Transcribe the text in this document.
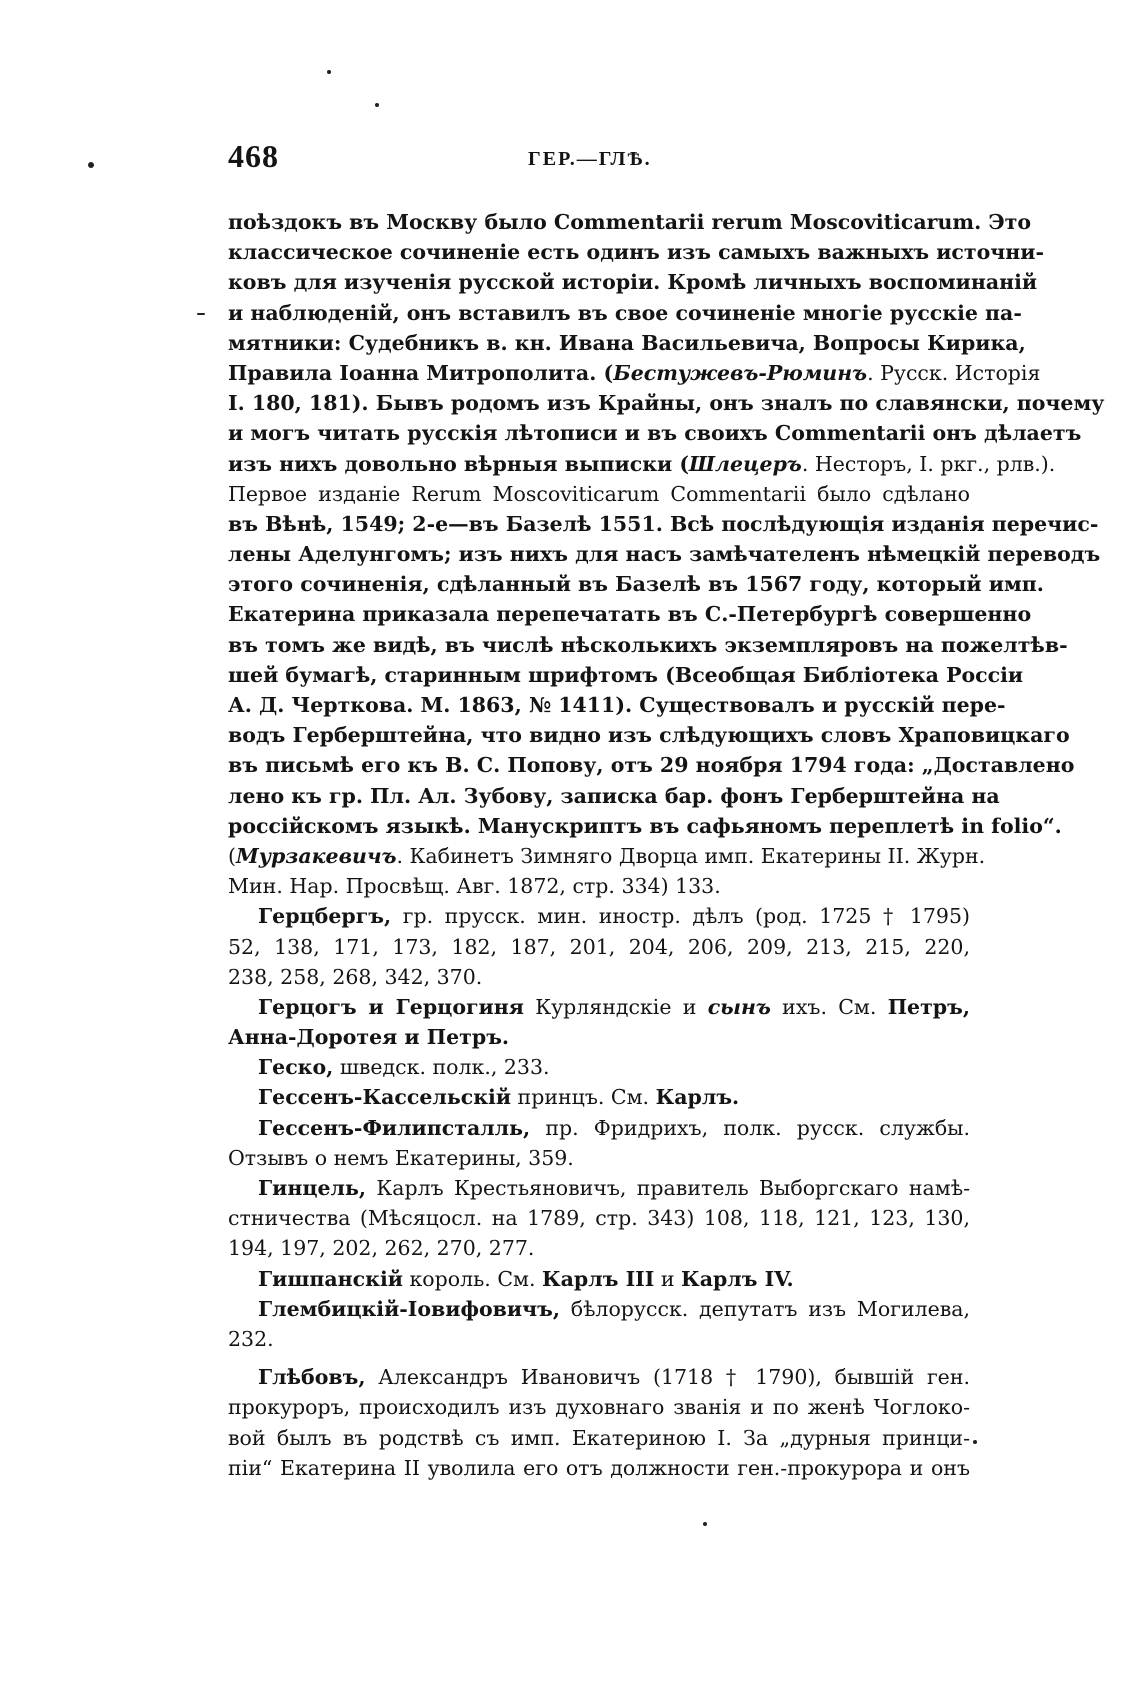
468	ГЕР.—ГЛѢ.
поѣздокъ въ Москву было Commentarii rerum Moscoviticarum. Это
классическое сочиненіе есть одинъ изъ самыхъ важныхъ источни-
ковъ для изученія русской исторіи. Кромѣ личныхъ воспоминаній
и наблюденій, онъ вставилъ въ свое сочиненіе многіе русскіе па-
мятники: Судебникъ в. кн. Ивана Васильевича, Вопросы Кирика,
Правила Іоанна Митрополита. (Бестужевъ-Рюминъ. Русск. Исторія
I. 180, 181). Бывъ родомъ изъ Крайны, онъ зналъ по славянски, почему
и могъ читать русскія лѣтописи и въ своихъ Commentarii онъ дѣлаетъ
изъ нихъ довольно вѣрныя выписки (Шлецеръ. Несторъ, I. ркг., рлв.).
Первое изданіе Rerum Moscoviticarum Commentarii было сдѣлано
въ Вѣнѣ, 1549; 2-е—въ Базелѣ 1551. Всѣ послѣдующія изданія перечис-
лены Аделунгомъ; изъ нихъ для насъ замѣчателенъ нѣмецкій переводъ
этого сочиненія, сдѣланный въ Базелѣ въ 1567 году, который имп.
Екатерина приказала перепечатать въ С.-Петербургѣ совершенно
въ томъ же видѣ, въ числѣ нѣсколькихъ экземпляровъ на пожелтѣв-
шей бумагѣ, старинным шрифтомъ (Всеобщая Библіотека Россіи
А. Д. Черткова. М. 1863, № 1411). Существовалъ и русскій пере-
водъ Герберштейна, что видно изъ слѣдующихъ словъ Храповицкаго
въ письмѣ его къ В. С. Попову, отъ 29 ноября 1794 года: „Доставлено
лено къ гр. Пл. Ал. Зубову, записка бар. фонъ Герберштейна на
россійскомъ языкѣ. Манускриптъ въ сафьяномъ переплетѣ in folio“.
(Мурзакевичъ. Кабинетъ Зимняго Дворца имп. Екатерины II. Журн.
Мин. Нар. Просвѣщ. Авг. 1872, стр. 334) 133.
Герцбергъ, гр. прусск. мин. иностр. дѣлъ (род. 1725 † 1795)
52, 138, 171, 173, 182, 187, 201, 204, 206, 209, 213, 215, 220,
238, 258, 268, 342, 370.
Герцогъ и Герцогиня Курляндскіе и сынъ ихъ. См. Петръ,
Анна-Доротея и Петръ.
Геско, шведск. полк., 233.
Гессенъ-Кассельскій принцъ. См. Карлъ.
Гессенъ-Филипсталль, пр. Фридрихъ, полк. русск. службы.
Отзывъ о немъ Екатерины, 359.
Гинцель, Карлъ Крестьяновичъ, правитель Выборгскаго намѣ-
стничества (Мѣсяцосл. на 1789, стр. 343) 108, 118, 121, 123, 130,
194, 197, 202, 262, 270, 277.
Гишпанскій король. См. Карлъ III и Карлъ IV.
Глембицкій-Іовифовичъ, бѣлорусск. депутатъ изъ Могилева,
232.
Глѣбовъ, Александръ Ивановичъ (1718 † 1790), бывшій ген.
прокуроръ, происходилъ изъ духовнаго званія и по женѣ Чоглоко-
вой былъ въ родствѣ съ имп. Екатериною I. За „дурныя принци-
піи“ Екатерина II уволила его отъ должности ген.-прокурора и онъ
